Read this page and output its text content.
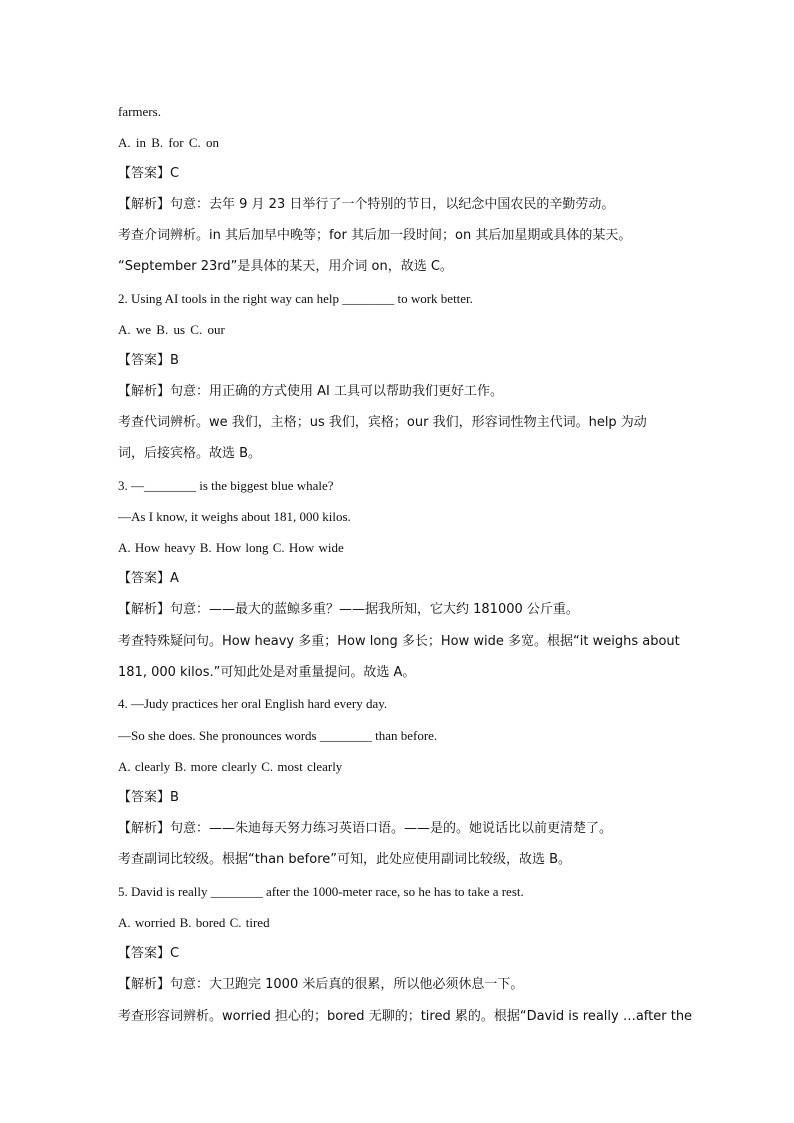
farmers.
A. in B. for C. on
【答案】C
【解析】句意：去年 9 月 23 日举行了一个特别的节日，以纪念中国农民的辛勤劳动。
考查介词辨析。in 其后加早中晚等；for 其后加一段时间；on 其后加星期或具体的某天。
“September 23rd”是具体的某天，用介词 on，故选 C。
2. Using AI tools in the right way can help ________ to work better.
A. we B. us C. our
【答案】B
【解析】句意：用正确的方式使用 AI 工具可以帮助我们更好工作。
考查代词辨析。we 我们，主格；us 我们，宾格；our 我们，形容词性物主代词。help 为动
词，后接宾格。故选 B。
3. —________ is the biggest blue whale?
—As I know, it weighs about 181, 000 kilos.
A. How heavy B. How long C. How wide
【答案】A
【解析】句意：——最大的蓝鲸多重？——据我所知，它大约 181000 公斤重。
考查特殊疑问句。How heavy 多重；How long 多长；How wide 多宽。根据“it weighs about
181, 000 kilos.”可知此处是对重量提问。故选 A。
4. —Judy practices her oral English hard every day.
—So she does. She pronounces words ________ than before.
A. clearly B. more clearly C. most clearly
【答案】B
【解析】句意：——朱迪每天努力练习英语口语。——是的。她说话比以前更清楚了。
考查副词比较级。根据“than before”可知，此处应使用副词比较级，故选 B。
5. David is really ________ after the 1000-meter race, so he has to take a rest.
A. worried B. bored C. tired
【答案】C
【解析】句意：大卫跑完 1000 米后真的很累，所以他必须休息一下。
考查形容词辨析。worried 担心的；bored 无聊的；tired 累的。根据“David is really …after the
